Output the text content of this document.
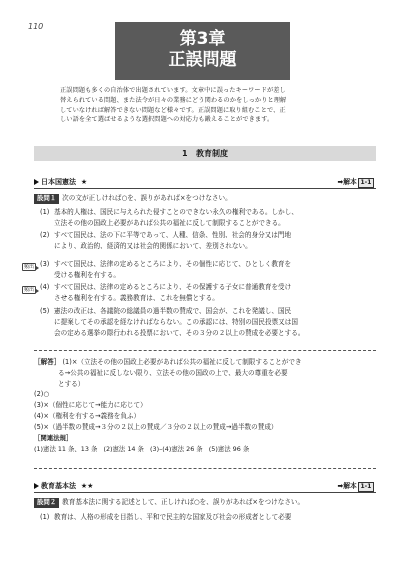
110
第3章
正誤問題
正誤問題も多くの自治体で出題されています。文章中に誤ったキーワードが差し
替えられている問題、また法令が日々の業務にどう関わるのかをしっかりと理解
していなければ解答できない問題など様々です。正誤問題に取り組むことで、正
しい語を全て選ばせるような選択問題への対応力も鍛えることができます。
1 教育制度
日本国憲法 ★	➡解本 1-1
設問１ 次の文が正しければ○を、誤りがあれば×をつけなさい。
(1) 基本的人権は、国民に与えられた侵すことのできない永久の権利である。しかし、
立法その他の国政上必要があれば公共の福祉に反して制限することができる。
(2) すべて国民は、法の下に平等であって、人種、信条、性別、社会的身分又は門地
により、政治的、経済的又は社会的関係において、差別されない。
頻出 (3) すべて国民は、法律の定めるところにより、その個性に応じて、ひとしく教育を
受ける権利を有する。
頻出 (4) すべて国民は、法律の定めるところにより、その保護する子女に普通教育を受け
させる権利を有する。義務教育は、これを無償とする。
(5) 憲法の改正は、各議院の総議員の過半数の賛成で、国会が、これを発議し、国民
に提案してその承認を経なければならない。この承認には、特別の国民投票又は国
会の定める選挙の際行われる投票において、その３分の２以上の賛成を必要とする。
［解答］ (1)×（立法その他の国政上必要があれば公共の福祉に反して制限することができ
る→公共の福祉に反しない限り、立法その他の国政の上で、最大の尊重を必要
とする）
(2)○
(3)×（個性に応じて→能力に応じて）
(4)×（権利を有する→義務を負ふ）
(5)×（過半数の賛成→３分の２以上の賛成／３分の２以上の賛成→過半数の賛成）
［関連法規］
(1)憲法 11 条、13 条 (2)憲法 14 条 (3)–(4)憲法 26 条 (5)憲法 96 条
教育基本法 ★★	➡解本 1-1
設問２ 教育基本法に関する記述として、正しければ○を、誤りがあれば×をつけなさい。
(1) 教育は、人格の形成を目指し、平和で民主的な国家及び社会の形成者として必要
